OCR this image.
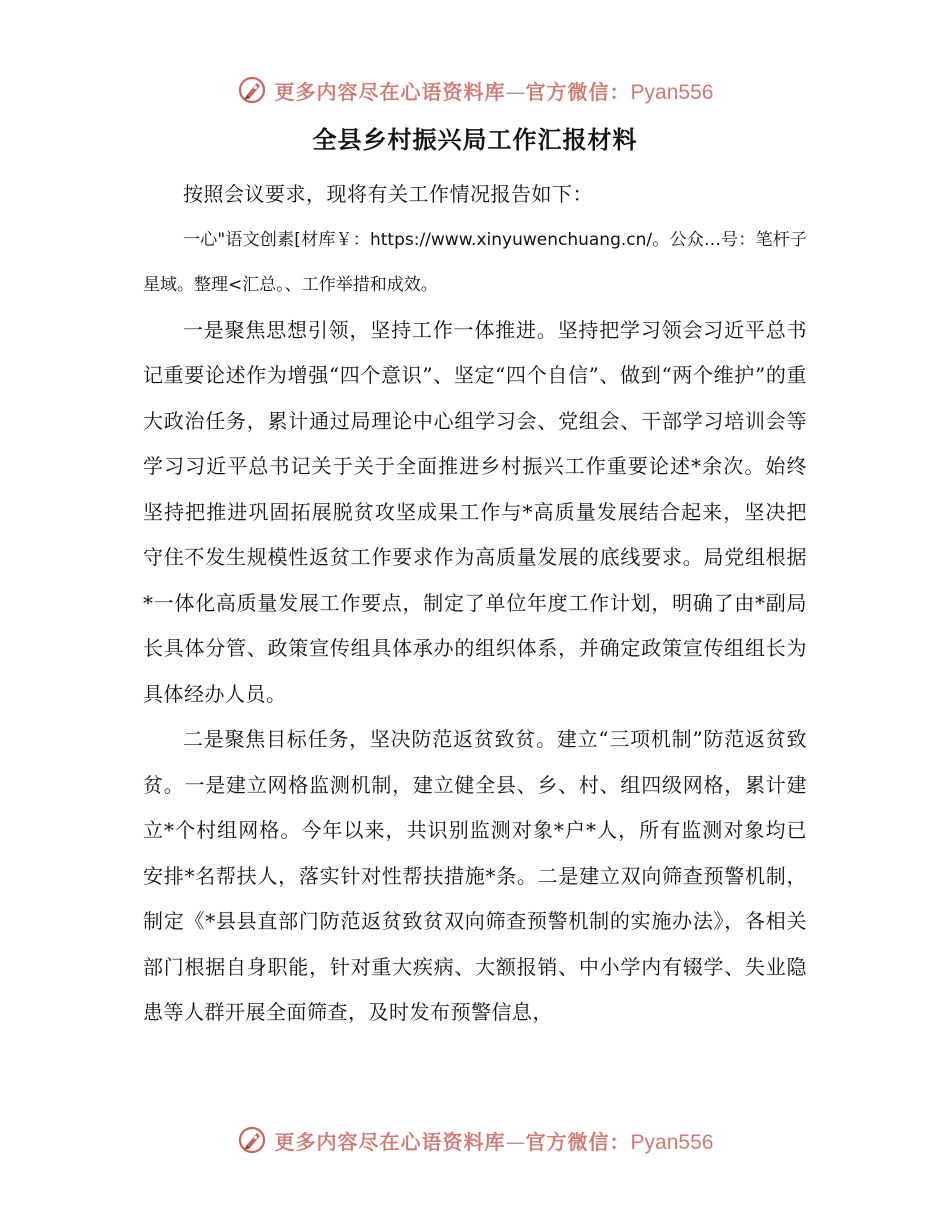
更多内容尽在心语资料库—官方微信：Pyan556
全县乡村振兴局工作汇报材料

按照会议要求，现将有关工作情况报告如下：

一心"语文创素[材库￥：https://www.xinyuwenchuang.cn/。公众…号：笔杆子星域。整理<汇总。、工作举措和成效。

一是聚焦思想引领，坚持工作一体推进。坚持把学习领会习近平总书记重要论述作为增强“四个意识”、坚定“四个自信”、做到“两个维护”的重大政治任务，累计通过局理论中心组学习会、党组会、干部学习培训会等学习习近平总书记关于关于全面推进乡村振兴工作重要论述*余次。始终坚持把推进巩固拓展脱贫攻坚成果工作与*高质量发展结合起来，坚决把守住不发生规模性返贫工作要求作为高质量发展的底线要求。局党组根据*一体化高质量发展工作要点，制定了单位年度工作计划，明确了由*副局长具体分管、政策宣传组具体承办的组织体系，并确定政策宣传组组长为具体经办人员。

二是聚焦目标任务，坚决防范返贫致贫。建立“三项机制”防范返贫致贫。一是建立网格监测机制，建立健全县、乡、村、组四级网格，累计建立*个村组网格。今年以来，共识别监测对象*户*人，所有监测对象均已安排*名帮扶人，落实针对性帮扶措施*条。二是建立双向筛查预警机制，制定《*县县直部门防范返贫致贫双向筛查预警机制的实施办法》，各相关部门根据自身职能，针对重大疾病、大额报销、中小学内有辍学、失业隐患等人群开展全面筛查，及时发布预警信息，

更多内容尽在心语资料库—官方微信：Pyan556
